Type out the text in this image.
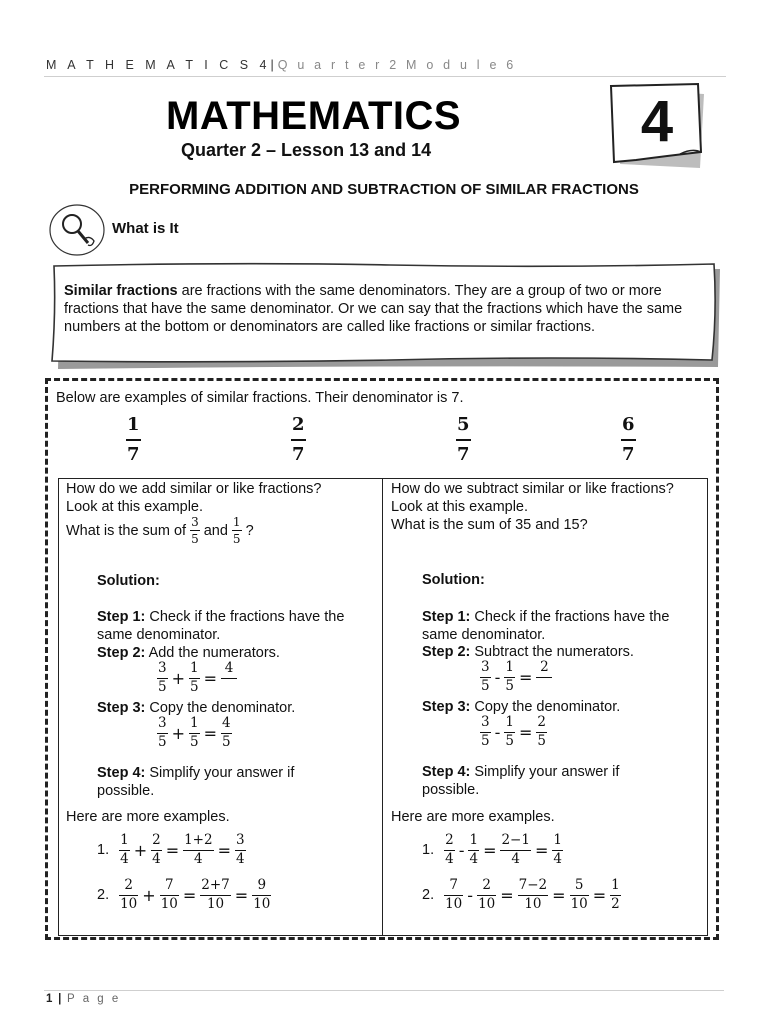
M A T H E M A T I C S 4|Q u a r t e r 2 M o d u l e 6
MATHEMATICS
Quarter 2 – Lesson 13 and 14	4
PERFORMING ADDITION AND SUBTRACTION OF SIMILAR FRACTIONS
What is It
Similar fractions are fractions with the same denominators. They are a group of two or more fractions that have the same denominator. Or we can say that the fractions which have the same numbers at the bottom or denominators are called like fractions or similar fractions.
Below are examples of similar fractions. Their denominator is 7.
$\frac{1}{7}$	$\frac{2}{7}$	$\frac{5}{7}$	$\frac{6}{7}$
How do we add similar or like fractions?
Look at this example.
What is the sum of $\frac{3}{5}$ and $\frac{1}{5}$ ?
Solution:
Step 1: Check if the fractions have the same denominator.
Step 2: Add the numerators.
$\frac{3}{5} + \frac{1}{5}$ =
4

Step 3: Copy the denominator.
$\frac{3}{5} + \frac{1}{5} = \frac{4}{5}$
Step 4: Simplify your answer if possible.
Here are more examples.
1. $\frac{1}{4} + \frac{2}{4} = \frac{1+2}{4} = \frac{3}{4}$
2. $\frac{2}{10} + \frac{7}{10} = \frac{2+7}{10} = \frac{9}{10}$
How do we subtract similar or like fractions?
Look at this example.
What is the sum of 35 and 15?
Solution:
Step 1: Check if the fractions have the same denominator.
Step 2: Subtract the numerators.
$\frac{3}{5} - \frac{1}{5}$ =
2

Step 3: Copy the denominator.
$\frac{3}{5} - \frac{1}{5} = \frac{2}{5}$
Step 4: Simplify your answer if possible.
Here are more examples.
1. $\frac{2}{4} - \frac{1}{4} = \frac{2-1}{4} = \frac{1}{4}$
2. $\frac{7}{10} - \frac{2}{10} = \frac{7-2}{10} = \frac{5}{10} = \frac{1}{2}$
1 | P a g e
